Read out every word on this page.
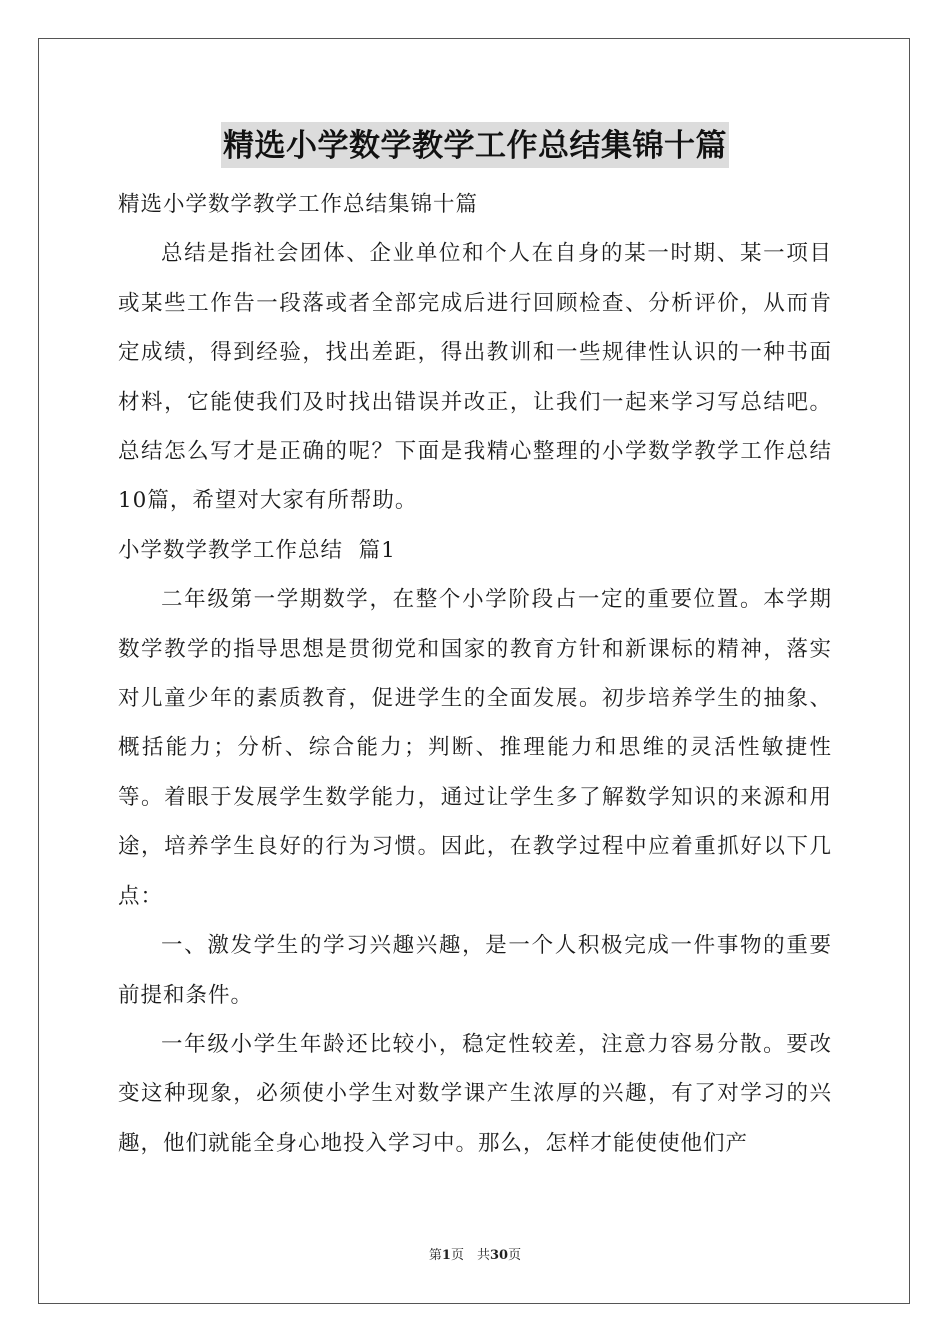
精选小学数学教学工作总结集锦十篇

精选小学数学教学工作总结集锦十篇

总结是指社会团体、企业单位和个人在自身的某一时期、某一项目或某些工作告一段落或者全部完成后进行回顾检查、分析评价，从而肯定成绩，得到经验，找出差距，得出教训和一些规律性认识的一种书面材料，它能使我们及时找出错误并改正，让我们一起来学习写总结吧。总结怎么写才是正确的呢？下面是我精心整理的小学数学教学工作总结10篇，希望对大家有所帮助。

小学数学教学工作总结  篇1

二年级第一学期数学，在整个小学阶段占一定的重要位置。本学期数学教学的指导思想是贯彻党和国家的教育方针和新课标的精神，落实对儿童少年的素质教育，促进学生的全面发展。初步培养学生的抽象、概括能力；分析、综合能力；判断、推理能力和思维的灵活性敏捷性等。着眼于发展学生数学能力，通过让学生多了解数学知识的来源和用途，培养学生良好的行为习惯。因此，在教学过程中应着重抓好以下几点：

一、激发学生的学习兴趣兴趣，是一个人积极完成一件事物的重要前提和条件。

一年级小学生年龄还比较小，稳定性较差，注意力容易分散。要改变这种现象，必须使小学生对数学课产生浓厚的兴趣，有了对学习的兴趣，他们就能全身心地投入学习中。那么，怎样才能使使他们产

第1页　共30页
